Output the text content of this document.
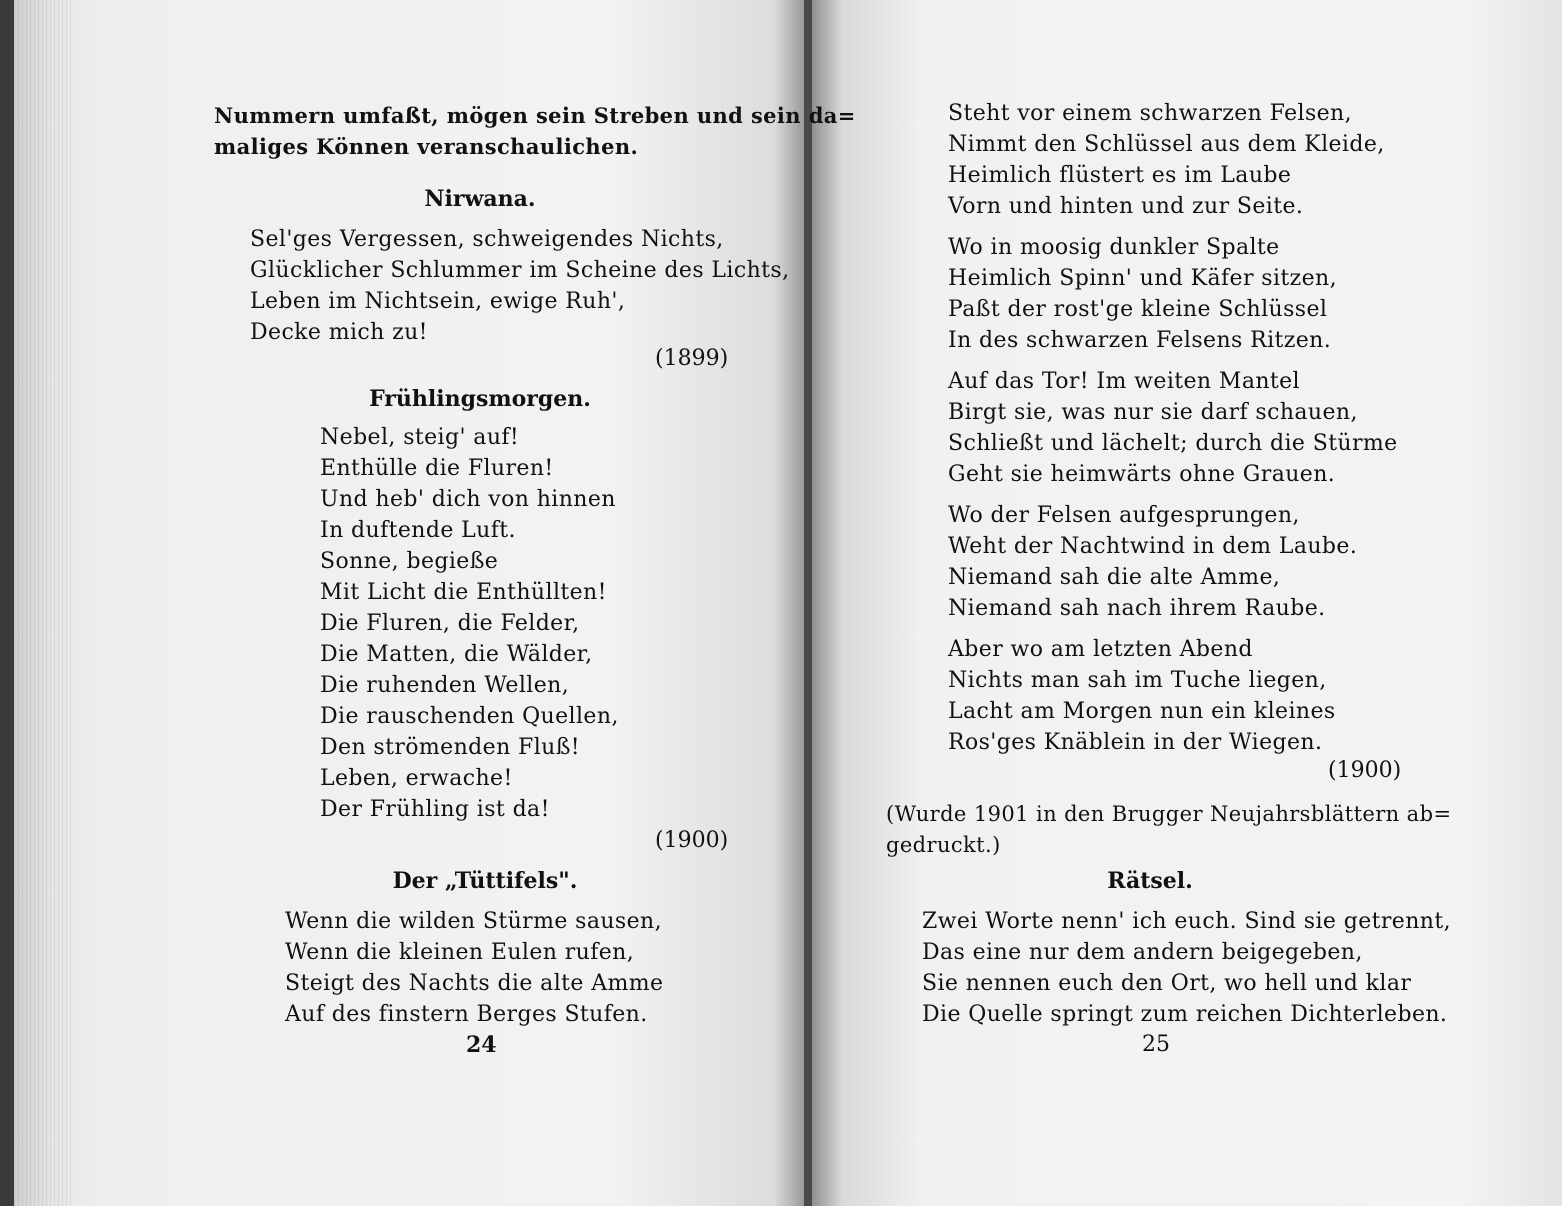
Nummern umfaßt, mögen sein Streben und sein da=
maliges Können veranschaulichen.
Nirwana.
Sel'ges Vergessen, schweigendes Nichts,
Glücklicher Schlummer im Scheine des Lichts,
Leben im Nichtsein, ewige Ruh',
Decke mich zu!
(1899)
Frühlingsmorgen.
Nebel, steig' auf!
Enthülle die Fluren!
Und heb' dich von hinnen
In duftende Luft.
Sonne, begieße
Mit Licht die Enthüllten!
Die Fluren, die Felder,
Die Matten, die Wälder,
Die ruhenden Wellen,
Die rauschenden Quellen,
Den strömenden Fluß!
Leben, erwache!
Der Frühling ist da!
(1900)
Der „Tüttifels".
Wenn die wilden Stürme sausen,
Wenn die kleinen Eulen rufen,
Steigt des Nachts die alte Amme
Auf des finstern Berges Stufen.
24
Steht vor einem schwarzen Felsen,
Nimmt den Schlüssel aus dem Kleide,
Heimlich flüstert es im Laube
Vorn und hinten und zur Seite.
Wo in moosig dunkler Spalte
Heimlich Spinn' und Käfer sitzen,
Paßt der rost'ge kleine Schlüssel
In des schwarzen Felsens Ritzen.
Auf das Tor! Im weiten Mantel
Birgt sie, was nur sie darf schauen,
Schließt und lächelt; durch die Stürme
Geht sie heimwärts ohne Grauen.
Wo der Felsen aufgesprungen,
Weht der Nachtwind in dem Laube.
Niemand sah die alte Amme,
Niemand sah nach ihrem Raube.
Aber wo am letzten Abend
Nichts man sah im Tuche liegen,
Lacht am Morgen nun ein kleines
Ros'ges Knäblein in der Wiegen.
(1900)
(Wurde 1901 in den Brugger Neujahrsblättern ab=
gedruckt.)
Rätsel.
Zwei Worte nenn' ich euch. Sind sie getrennt,
Das eine nur dem andern beigegeben,
Sie nennen euch den Ort, wo hell und klar
Die Quelle springt zum reichen Dichterleben.
25
